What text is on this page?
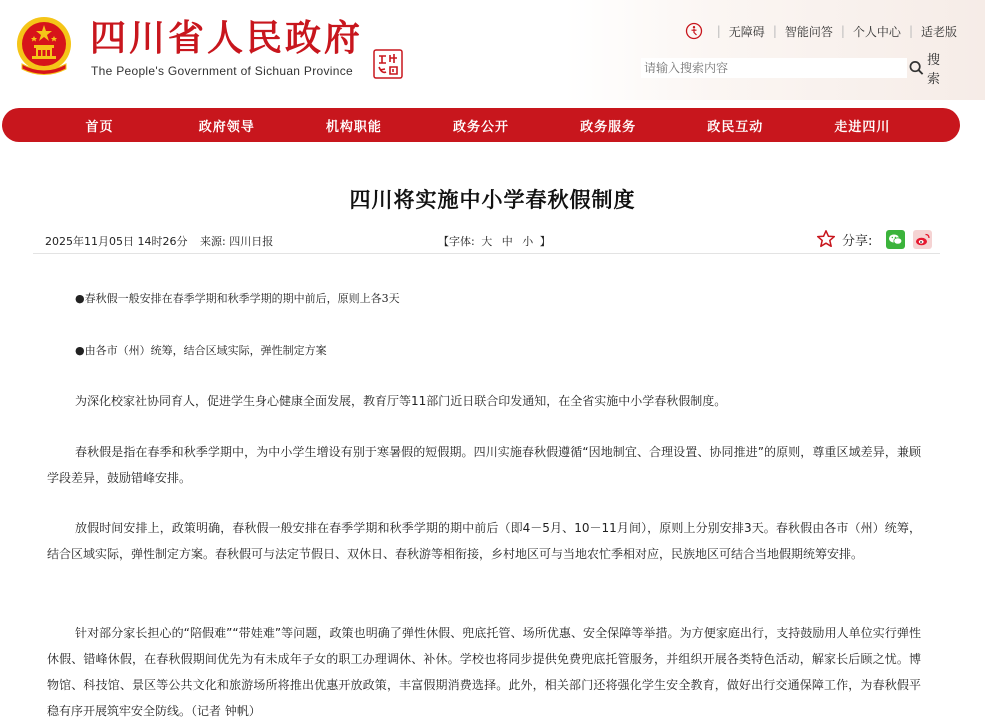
四川省人民政府
The People's Government of Sichuan Province
| 无障碍 | 智能问答 | 个人中心 | 适老版
请输入搜索内容
搜 索
首页	政府领导	机构职能	政务公开	政务服务	政民互动	走进四川
四川将实施中小学春秋假制度
2025年11月05日 14时26分 来源: 四川日报	【字体: 大 中 小 】	分享:
●春秋假一般安排在春季学期和秋季学期的期中前后，原则上各3天
●由各市（州）统筹，结合区域实际，弹性制定方案

为深化校家社协同育人，促进学生身心健康全面发展，教育厅等11部门近日联合印发通知，在全省实施中小学春秋假制度。

春秋假是指在春季和秋季学期中，为中小学生增设有别于寒暑假的短假期。四川实施春秋假遵循“因地制宜、合理设置、协同推进”的原则，尊重区域差异，兼顾学段差异，鼓励错峰安排。

放假时间安排上，政策明确，春秋假一般安排在春季学期和秋季学期的期中前后（即4－5月、10－11月间），原则上分别安排3天。春秋假由各市（州）统筹，结合区域实际，弹性制定方案。春秋假可与法定节假日、双休日、春秋游等相衔接，乡村地区可与当地农忙季相对应，民族地区可结合当地假期统筹安排。

针对部分家长担心的“陪假难”“带娃难”等问题，政策也明确了弹性休假、兜底托管、场所优惠、安全保障等举措。为方便家庭出行，支持鼓励用人单位实行弹性休假、错峰休假，在春秋假期间优先为有未成年子女的职工办理调休、补休。学校也将同步提供免费兜底托管服务，并组织开展各类特色活动，解家长后顾之忧。博物馆、科技馆、景区等公共文化和旅游场所将推出优惠开放政策，丰富假期消费选择。此外，相关部门还将强化学生安全教育，做好出行交通保障工作，为春秋假平稳有序开展筑牢安全防线。（记者 钟帆）
